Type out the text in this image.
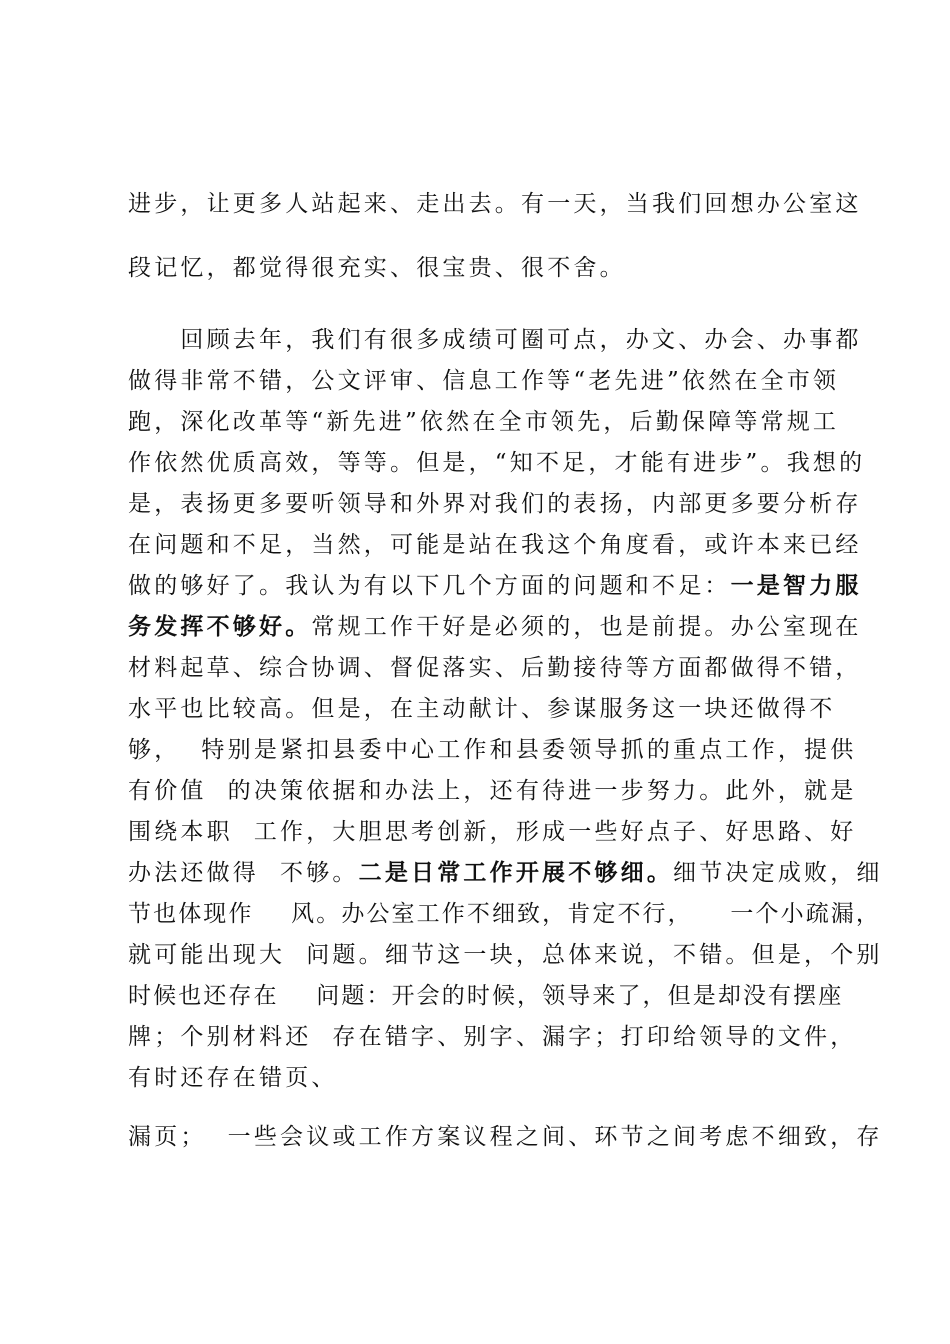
进步，让更多人站起来、走出去。有一天，当我们回想办公室这
段记忆，都觉得很充实、很宝贵、很不舍。
　　回顾去年，我们有很多成绩可圈可点，办文、办会、办事都
做得非常不错，公文评审、信息工作等“老先进”依然在全市领
跑，深化改革等“新先进”依然在全市领先，后勤保障等常规工
作依然优质高效，等等。但是，“知不足，才能有进步”。我想的
是，表扬更多要听领导和外界对我们的表扬，内部更多要分析存
在问题和不足，当然，可能是站在我这个角度看，或许本来已经
做的够好了。我认为有以下几个方面的问题和不足：一是智力服
务发挥不够好。常规工作干好是必须的，也是前提。办公室现在
材料起草、综合协调、督促落实、后勤接待等方面都做得不错，
水平也比较高。但是，在主动献计、参谋服务这一块还做得不
够，  特别是紧扣县委中心工作和县委领导抓的重点工作，提供
有价值  的决策依据和办法上，还有待进一步努力。此外，就是
围绕本职  工作，大胆思考创新，形成一些好点子、好思路、好
办法还做得  不够。二是日常工作开展不够细。细节决定成败，细
节也体现作    风。办公室工作不细致，肯定不行，    一个小疏漏，
就可能出现大  问题。细节这一块，总体来说，不错。但是，个别
时候也还存在    问题：开会的时候，领导来了，但是却没有摆座
牌；个别材料还  存在错字、别字、漏字；打印给领导的文件，
有时还存在错页、
漏页；  一些会议或工作方案议程之间、环节之间考虑不细致，存
